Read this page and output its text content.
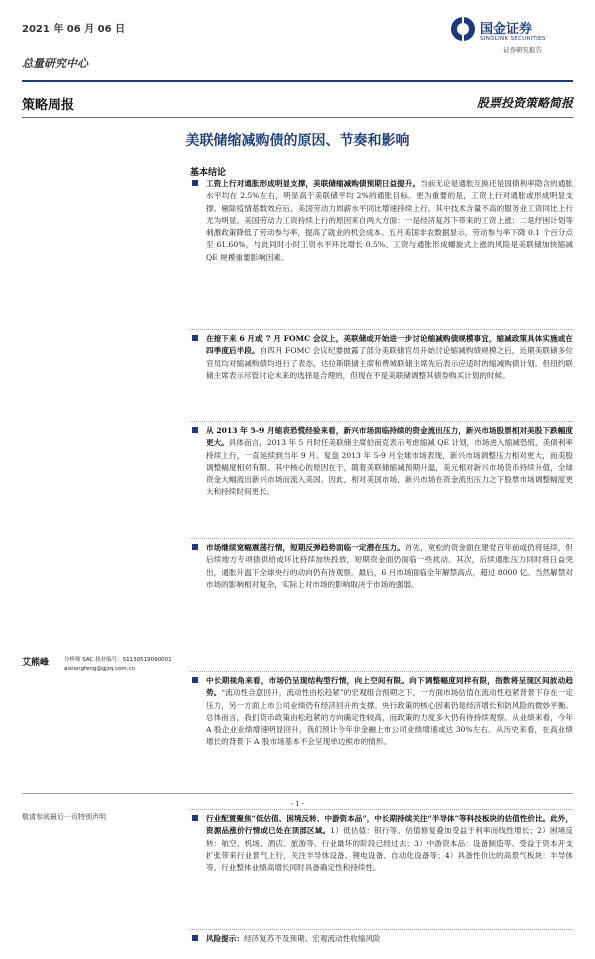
2021 年 06 月 06 日
总量研究中心
国金证券
SINOLINK SECURITIES
证券研究报告
策略周报	股票投资策略简报
美联储缩减购债的原因、节奏和影响
基本结论
工资上行对通胀形成明显支撑，美联储缩减购债预期日益提升。当前无论是通胀互换还是国债利率隐含的通胀水平均在 2.5%左右，明显高于美联储平均 2%的通胀目标。更为重要的是，工资上行对通胀或形成明显支撑。剔除疫情基数效应后，美国劳动力周薪水平同比增速持续上行，其中技术含量不高的服务业工资同比上行尤为明显。美国劳动力工资持续上行的原因来自两大方面：一是经济复苏下带来的工资上涨；二是纾困计划等刺激政策降低了劳动参与率，提高了就业的机会成本。五月美国非农数据显示，劳动参与率下降 0.1 个百分点至 61.60%，与此同时小时工资水平环比增长 0.5%。工资与通胀形成螺旋式上涨的风险是美联储加快缩减 QE 规模重要影响因素。
在接下来 6 月或 7 月 FOMC 会议上，美联储或开始进一步讨论缩减购债规模事宜，缩减政策具体实施或在四季度后半段。自四月 FOMC 会议纪要披露了部分美联储官员开始讨论缩减购债规模之后，近期美联储多位官员均对缩减购债均进行了表态，达拉斯联储主席和费城联储主席先后表示应适时的缩减购债计划。但纽约联储主席表示尽管讨论未来的选择是合理的，但现在不是美联储调整其债券购买计划的时候。
从 2013 年 5-9 月缩表恐慌经验来看，新兴市场面临持续的资金流出压力，新兴市场股票相对美股下跌幅度更大。具体而言，2013 年 5 月时任美联储主席伯南克表示考虑缩减 QE 计划，市场进入缩减恐慌，美债利率持续上行，一直延续到当年 9 月。复盘 2013 年 5-9 月全球市场表现，新兴市场调整压力相对更大，而美股调整幅度相对有限。其中核心的原因在于，随着美联储缩减预期升温，美元相对新兴市场货币持续升值，全球资金大幅流出新兴市场而流入美国。因此，相对美国市场，新兴市场在资金流出压力之下股票市场调整幅度更大和持续时间更长。
市场继续宽幅震荡行情，短期反弹趋势面临一定潜在压力。首先，宽松的资金面在建党百年前或仍将延续，但后续地方专项债供给或环比持续加快投放，短期资金面仍面临一些扰动。其次，后续通胀压力同时将日益突出，通胀升温下全球央行的动向仍有待观察。最后，6 月市场面临全年解禁高点，超过 8000 亿。当然解禁对市场的影响相对复杂，实际上对市场的影响取决于市场的强弱。
中长期视角来看，市场仍呈现结构型行情，向上空间有限。向下调整幅度同样有限，指数将呈现区间波动趋势。“流动性合意回升，流动性由松趋紧”的宏观组合预期之下，一方面市场估值在流动性趋紧背景下存在一定压力，另一方面上市公司业绩仍有经济回升的支撑。央行政策的核心因素仍是经济增长和防风险的微妙平衡。总体而言，我们货币政策由松趋紧的方向确定性较高，而政策的力度多大仍有待持续观察。从业绩来看，今年 A 股企业业绩增速明显回升，我们预计今年非金融上市公司业绩增速或达 30%左右。从历史来看，在高业绩增长的背景下 A 股市场基本不会呈现单边熊市的情形。
行业配置聚焦“低估值、困境反转、中游资本品”，中长期持续关注“半导体”等科技板块的估值性价比。此外，资源品涨价行情或已处在顶部区域。1）低估值：银行等。估值修复叠加受益于利率而线性增长；2）困境反转：航空、机场、酒店、旅游等。行业最坏的阶段已经过去；3）中游资本品：设备制造等。受益于资本开支扩张带来行业景气上行，关注半导体设备、锂电设备、自动化设备等；4）具备性价比的高景气板块：半导体等。行业整体业绩高增长同时具备确定性和持续性。
风险提示：经济复苏不及预期、宏观流动性收缩风险
艾熊峰	分析师 SAC 执业编号：S1130519090001
aixiongfeng@gjzq.com.cn
- 1 -
敬请参阅最后一页特别声明
